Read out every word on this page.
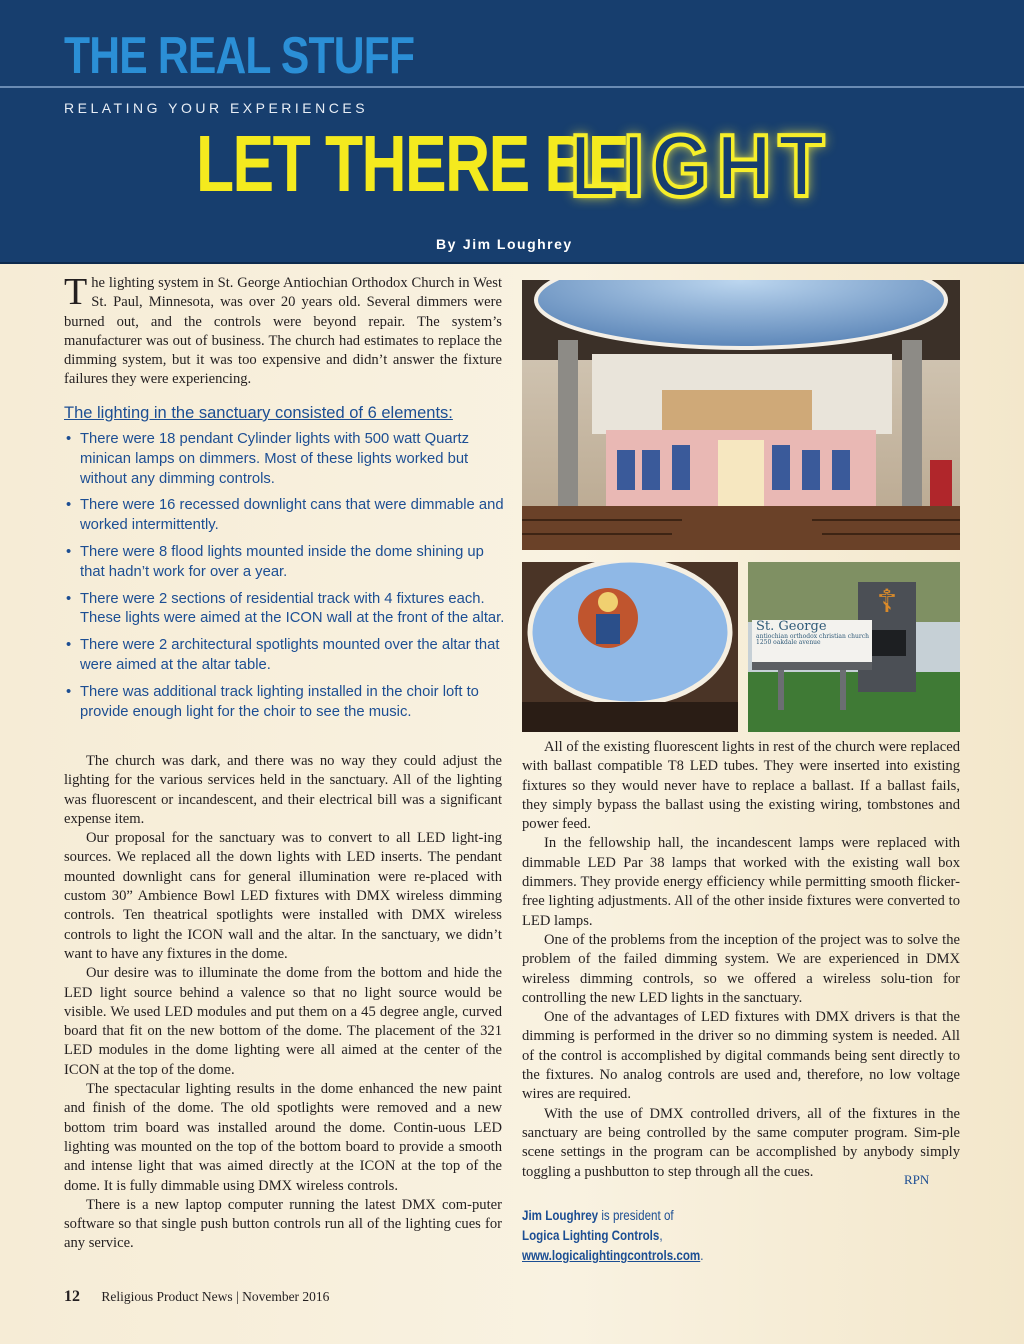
THE REAL STUFF
RELATING YOUR EXPERIENCES
LET THERE BE
LIGHT
By Jim Loughrey

The lighting system in St. George Antiochian Orthodox Church in West St. Paul, Minnesota, was over 20 years old. Several dimmers were burned out, and the controls were beyond repair. The system’s manufacturer was out of business. The church had estimates to replace the dimming system, but it was too expensive and didn’t answer the fixture failures they were experiencing.

The lighting in the sanctuary consisted of 6 elements:
• There were 18 pendant Cylinder lights with 500 watt Quartz minican lamps on dimmers. Most of these lights worked but without any dimming controls.
• There were 16 recessed downlight cans that were dimmable and worked intermittently.
• There were 8 flood lights mounted inside the dome shining up that hadn’t work for over a year.
• There were 2 sections of residential track with 4 fixtures each. These lights were aimed at the ICON wall at the front of the altar.
• There were 2 architectural spotlights mounted over the altar that were aimed at the altar table.
• There was additional track lighting installed in the choir loft to provide enough light for the choir to see the music.

The church was dark, and there was no way they could adjust the lighting for the various services held in the sanctuary. All of the lighting was fluorescent or incandescent, and their electrical bill was a significant expense item.

Our proposal for the sanctuary was to convert to all LED light-ing sources. We replaced all the down lights with LED inserts. The pendant mounted downlight cans for general illumination were re-placed with custom 30” Ambience Bowl LED fixtures with DMX wireless dimming controls. Ten theatrical spotlights were installed with DMX wireless controls to light the ICON wall and the altar. In the sanctuary, we didn’t want to have any fixtures in the dome.

Our desire was to illuminate the dome from the bottom and hide the LED light source behind a valence so that no light source would be visible. We used LED modules and put them on a 45 degree angle, curved board that fit on the new bottom of the dome. The placement of the 321 LED modules in the dome lighting were all aimed at the center of the ICON at the top of the dome.

The spectacular lighting results in the dome enhanced the new paint and finish of the dome. The old spotlights were removed and a new bottom trim board was installed around the dome. Contin-uous LED lighting was mounted on the top of the bottom board to provide a smooth and intense light that was aimed directly at the ICON at the top of the dome. It is fully dimmable using DMX wireless controls.

There is a new laptop computer running the latest DMX com-puter software so that single push button controls run all of the lighting cues for any service.

☦
St. George
antiochian orthodox christian church
1250 oakdale avenue

All of the existing fluorescent lights in rest of the church were replaced with ballast compatible T8 LED tubes. They were inserted into existing fixtures so they would never have to replace a ballast. If a ballast fails, they simply bypass the ballast using the existing wiring, tombstones and power feed.

In the fellowship hall, the incandescent lamps were replaced with dimmable LED Par 38 lamps that worked with the existing wall box dimmers. They provide energy efficiency while permitting smooth flicker-free lighting adjustments. All of the other inside fixtures were converted to LED lamps.

One of the problems from the inception of the project was to solve the problem of the failed dimming system. We are experienced in DMX wireless dimming controls, so we offered a wireless solu-tion for controlling the new LED lights in the sanctuary.

One of the advantages of LED fixtures with DMX drivers is that the dimming is performed in the driver so no dimming system is needed. All of the control is accomplished by digital commands being sent directly to the fixtures. No analog controls are used and, therefore, no low voltage wires are required.

With the use of DMX controlled drivers, all of the fixtures in the sanctuary are being controlled by the same computer program. Sim-ple scene settings in the program can be accomplished by anybody simply toggling a pushbutton to step through all the cues.	RPN
Jim Loughrey is president of
Logica Lighting Controls,
www.logicalightingcontrols.com.
12 Religious Product News | November 2016
